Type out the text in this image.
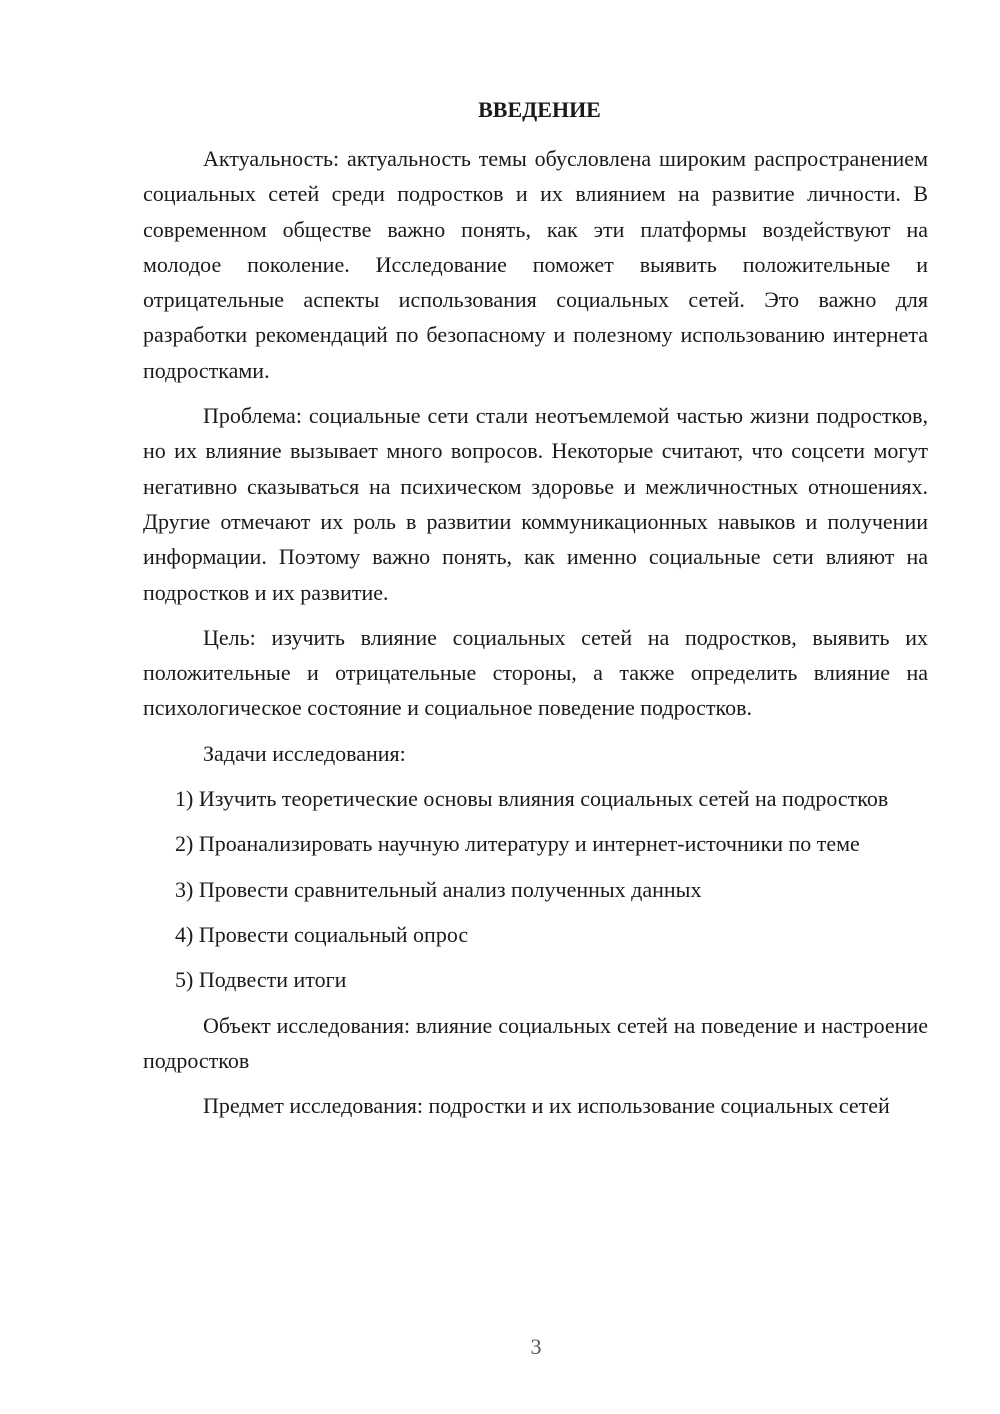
ВВЕДЕНИЕ

Актуальность: актуальность темы обусловлена широким распространением социальных сетей среди подростков и их влиянием на развитие личности. В современном обществе важно понять, как эти платформы воздействуют на молодое поколение. Исследование поможет выявить положительные и отрицательные аспекты использования социальных сетей. Это важно для разработки рекомендаций по безопасному и полезному использованию интернета подростками.

Проблема: социальные сети стали неотъемлемой частью жизни подростков, но их влияние вызывает много вопросов. Некоторые считают, что соцсети могут негативно сказываться на психическом здоровье и межличностных отношениях. Другие отмечают их роль в развитии коммуникационных навыков и получении информации. Поэтому важно понять, как именно социальные сети влияют на подростков и их развитие.

Цель: изучить влияние социальных сетей на подростков, выявить их положительные и отрицательные стороны, а также определить влияние на психологическое состояние и социальное поведение подростков.

Задачи исследования:

1) Изучить теоретические основы влияния социальных сетей на подростков

2) Проанализировать научную литературу и интернет-источники по теме

3) Провести сравнительный анализ полученных данных

4) Провести социальный опрос

5) Подвести итоги

Объект исследования: влияние социальных сетей на поведение и настроение подростков

Предмет исследования: подростки и их использование социальных сетей

3
